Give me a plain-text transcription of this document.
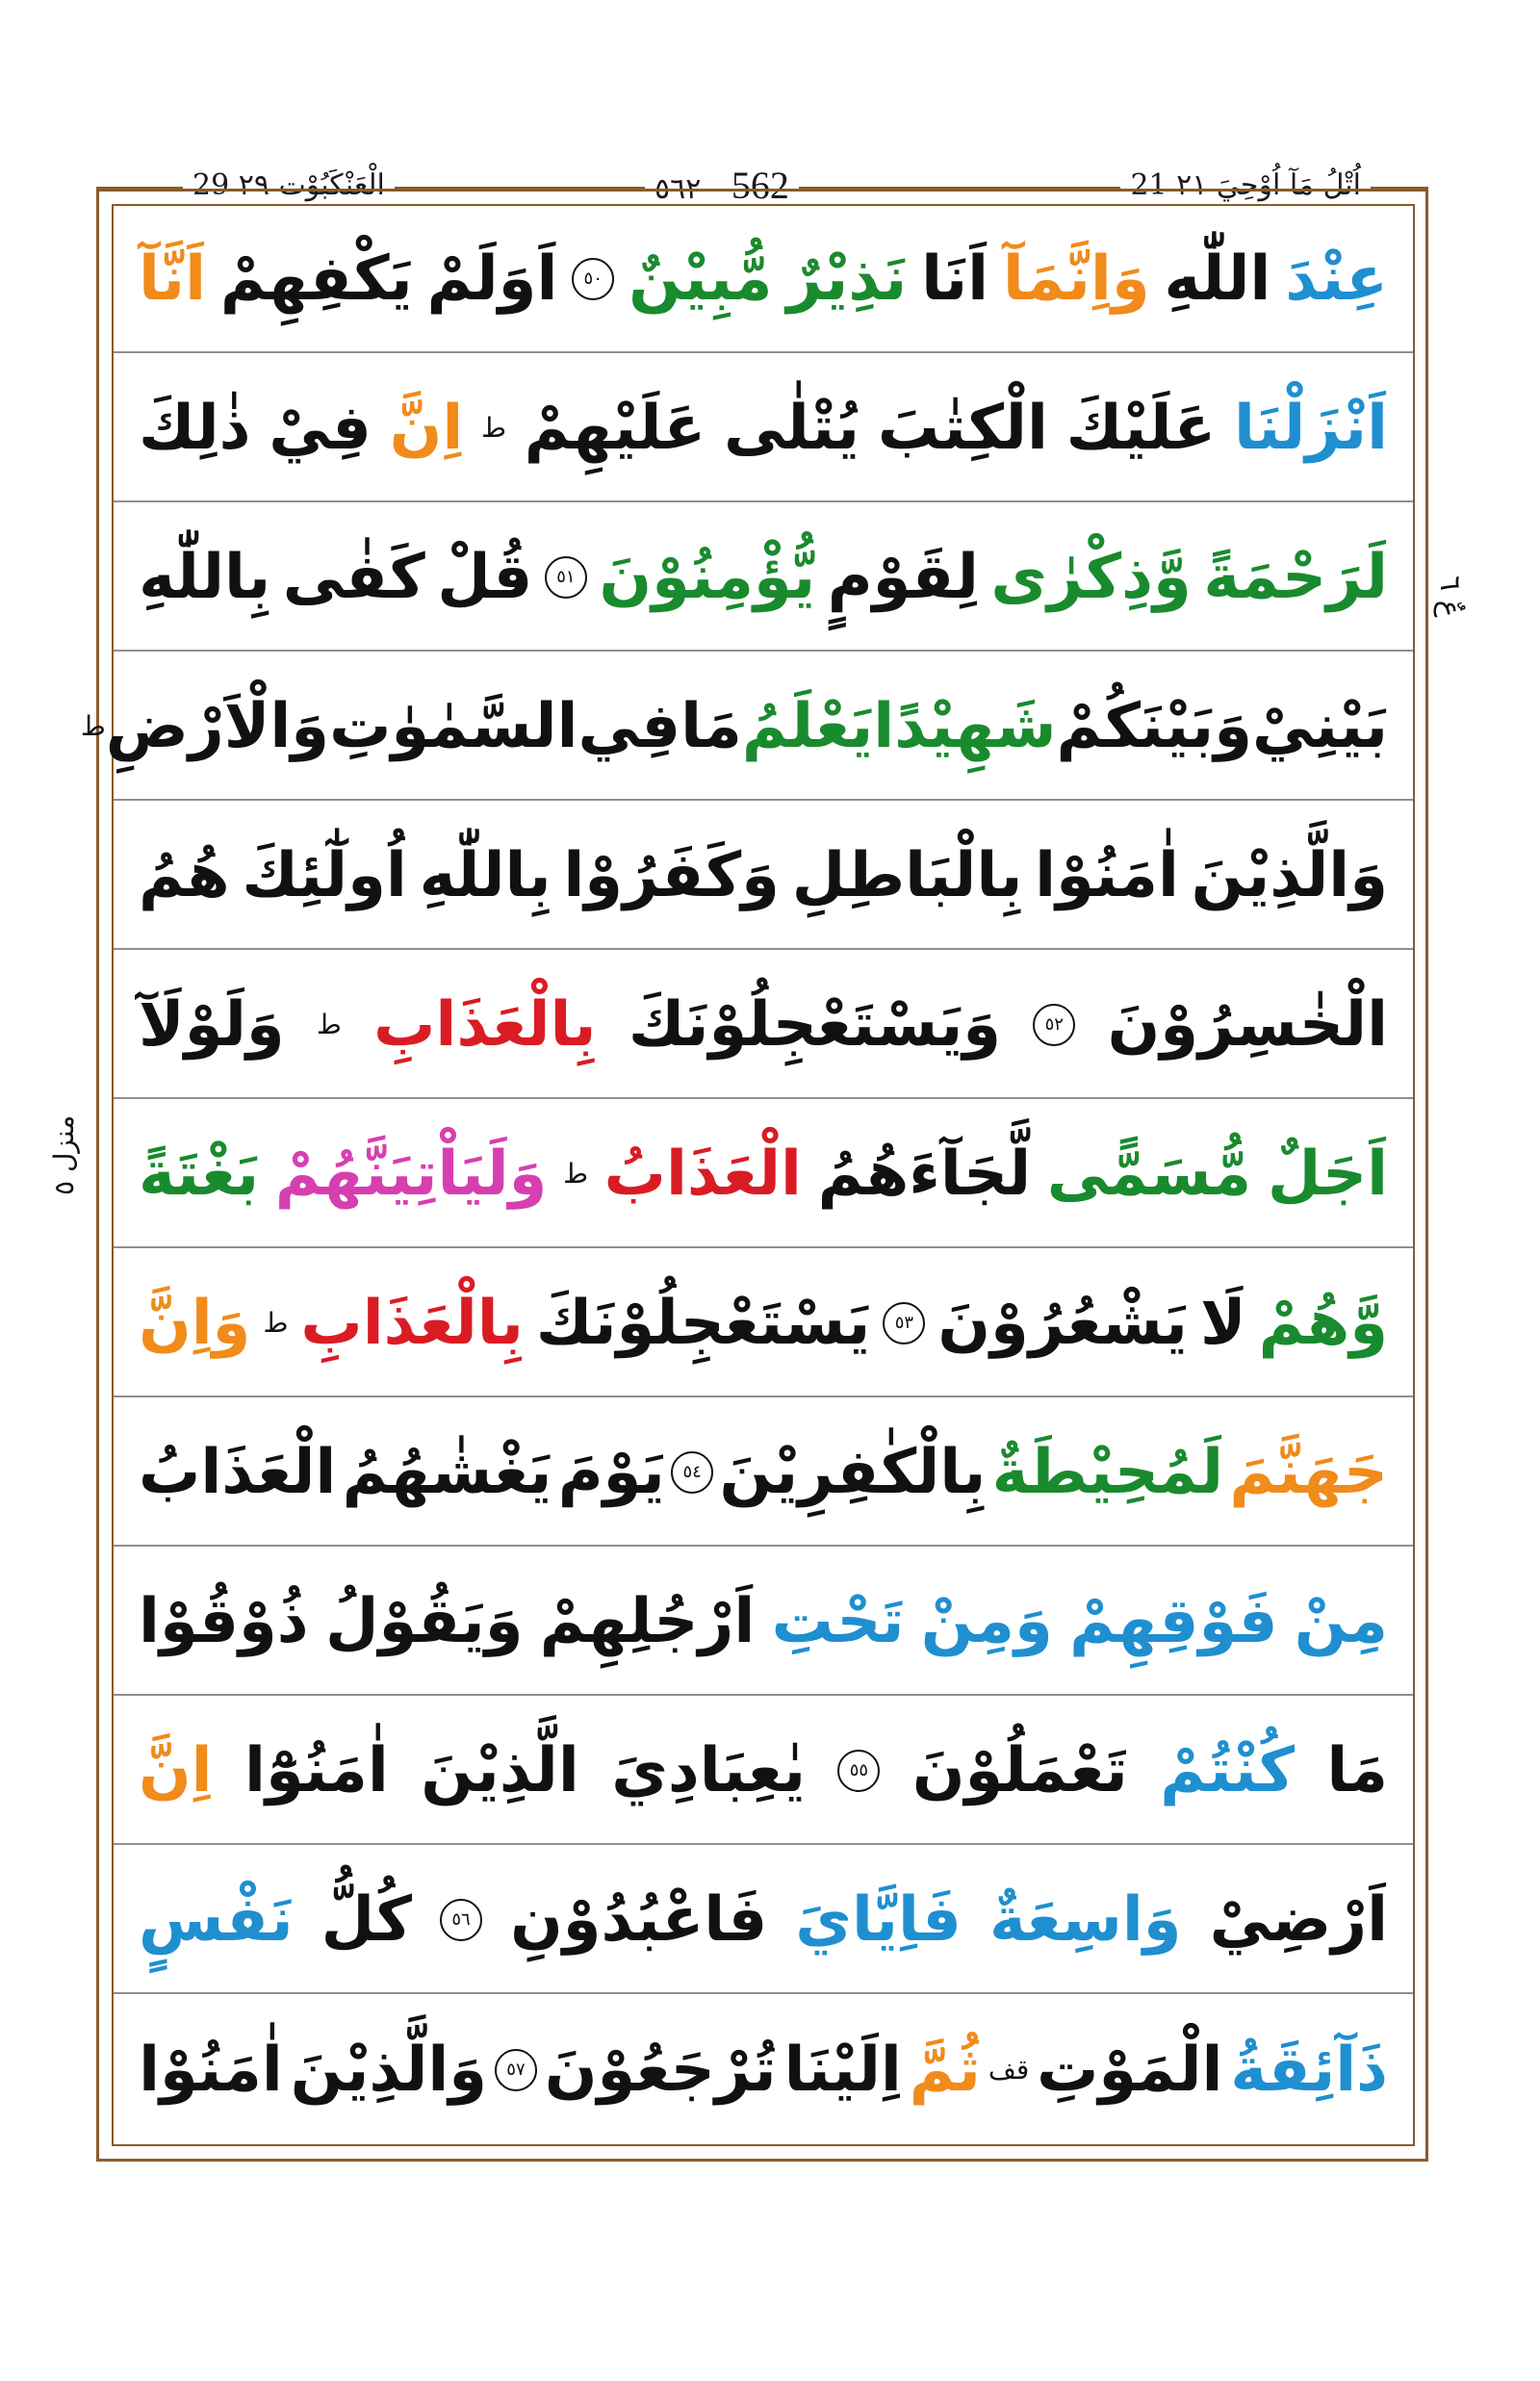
21 اُتْلُ مَآ اُوْحِيَ ٢١
٥٦٢ 562
29 الْعَنْکَبُوْت ٢٩
عِنْدَ
اللّٰهِ
وَاِنَّمَآ
اَنَا
نَذِيْرٌ
مُّبِيْنٌ
٥٠
اَوَلَمْ
يَكْفِهِمْ
اَنَّآ
اَنْزَلْنَا
عَلَيْكَ
الْكِتٰبَ
يُتْلٰى
عَلَيْهِمْ
ط
اِنَّ
فِيْ
ذٰلِكَ
لَرَحْمَةً
وَّذِكْرٰى
لِقَوْمٍ
يُّؤْمِنُوْنَ
٥١
قُلْ
كَفٰى
بِاللّٰهِ
بَيْنِيْ
وَبَيْنَكُمْ
شَهِيْدًا
يَعْلَمُ
مَا
فِي
السَّمٰوٰتِ
وَالْاَرْضِ
ط
وَالَّذِيْنَ
اٰمَنُوْا
بِالْبَاطِلِ
وَكَفَرُوْا
بِاللّٰهِ
اُولٰٓئِكَ
هُمُ
الْخٰسِرُوْنَ
٥٢
وَيَسْتَعْجِلُوْنَكَ
بِالْعَذَابِ
ط
وَلَوْلَآ
اَجَلٌ
مُّسَمًّى
لَّجَآءَهُمُ
الْعَذَابُ
ط
وَلَيَاْتِيَنَّهُمْ
بَغْتَةً
وَّهُمْ
لَا
يَشْعُرُوْنَ
٥٣
يَسْتَعْجِلُوْنَكَ
بِالْعَذَابِ
ط
وَاِنَّ
جَهَنَّمَ
لَمُحِيْطَةٌ
بِالْكٰفِرِيْنَ
٥٤
يَوْمَ
يَغْشٰهُمُ
الْعَذَابُ
مِنْ
فَوْقِهِمْ
وَمِنْ
تَحْتِ
اَرْجُلِهِمْ
وَيَقُوْلُ
ذُوْقُوْا
مَا
كُنْتُمْ
تَعْمَلُوْنَ
٥٥
يٰعِبَادِيَ
الَّذِيْنَ
اٰمَنُوْٓا
اِنَّ
اَرْضِيْ
وَاسِعَةٌ
فَاِيَّايَ
فَاعْبُدُوْنِ
٥٦
كُلُّ
نَفْسٍ
ذَآئِقَةُ
الْمَوْتِ
قف
ثُمَّ
اِلَيْنَا
تُرْجَعُوْنَ
٥٧
وَالَّذِيْنَ
اٰمَنُوْا
عٌ ٦
منزل ٥
